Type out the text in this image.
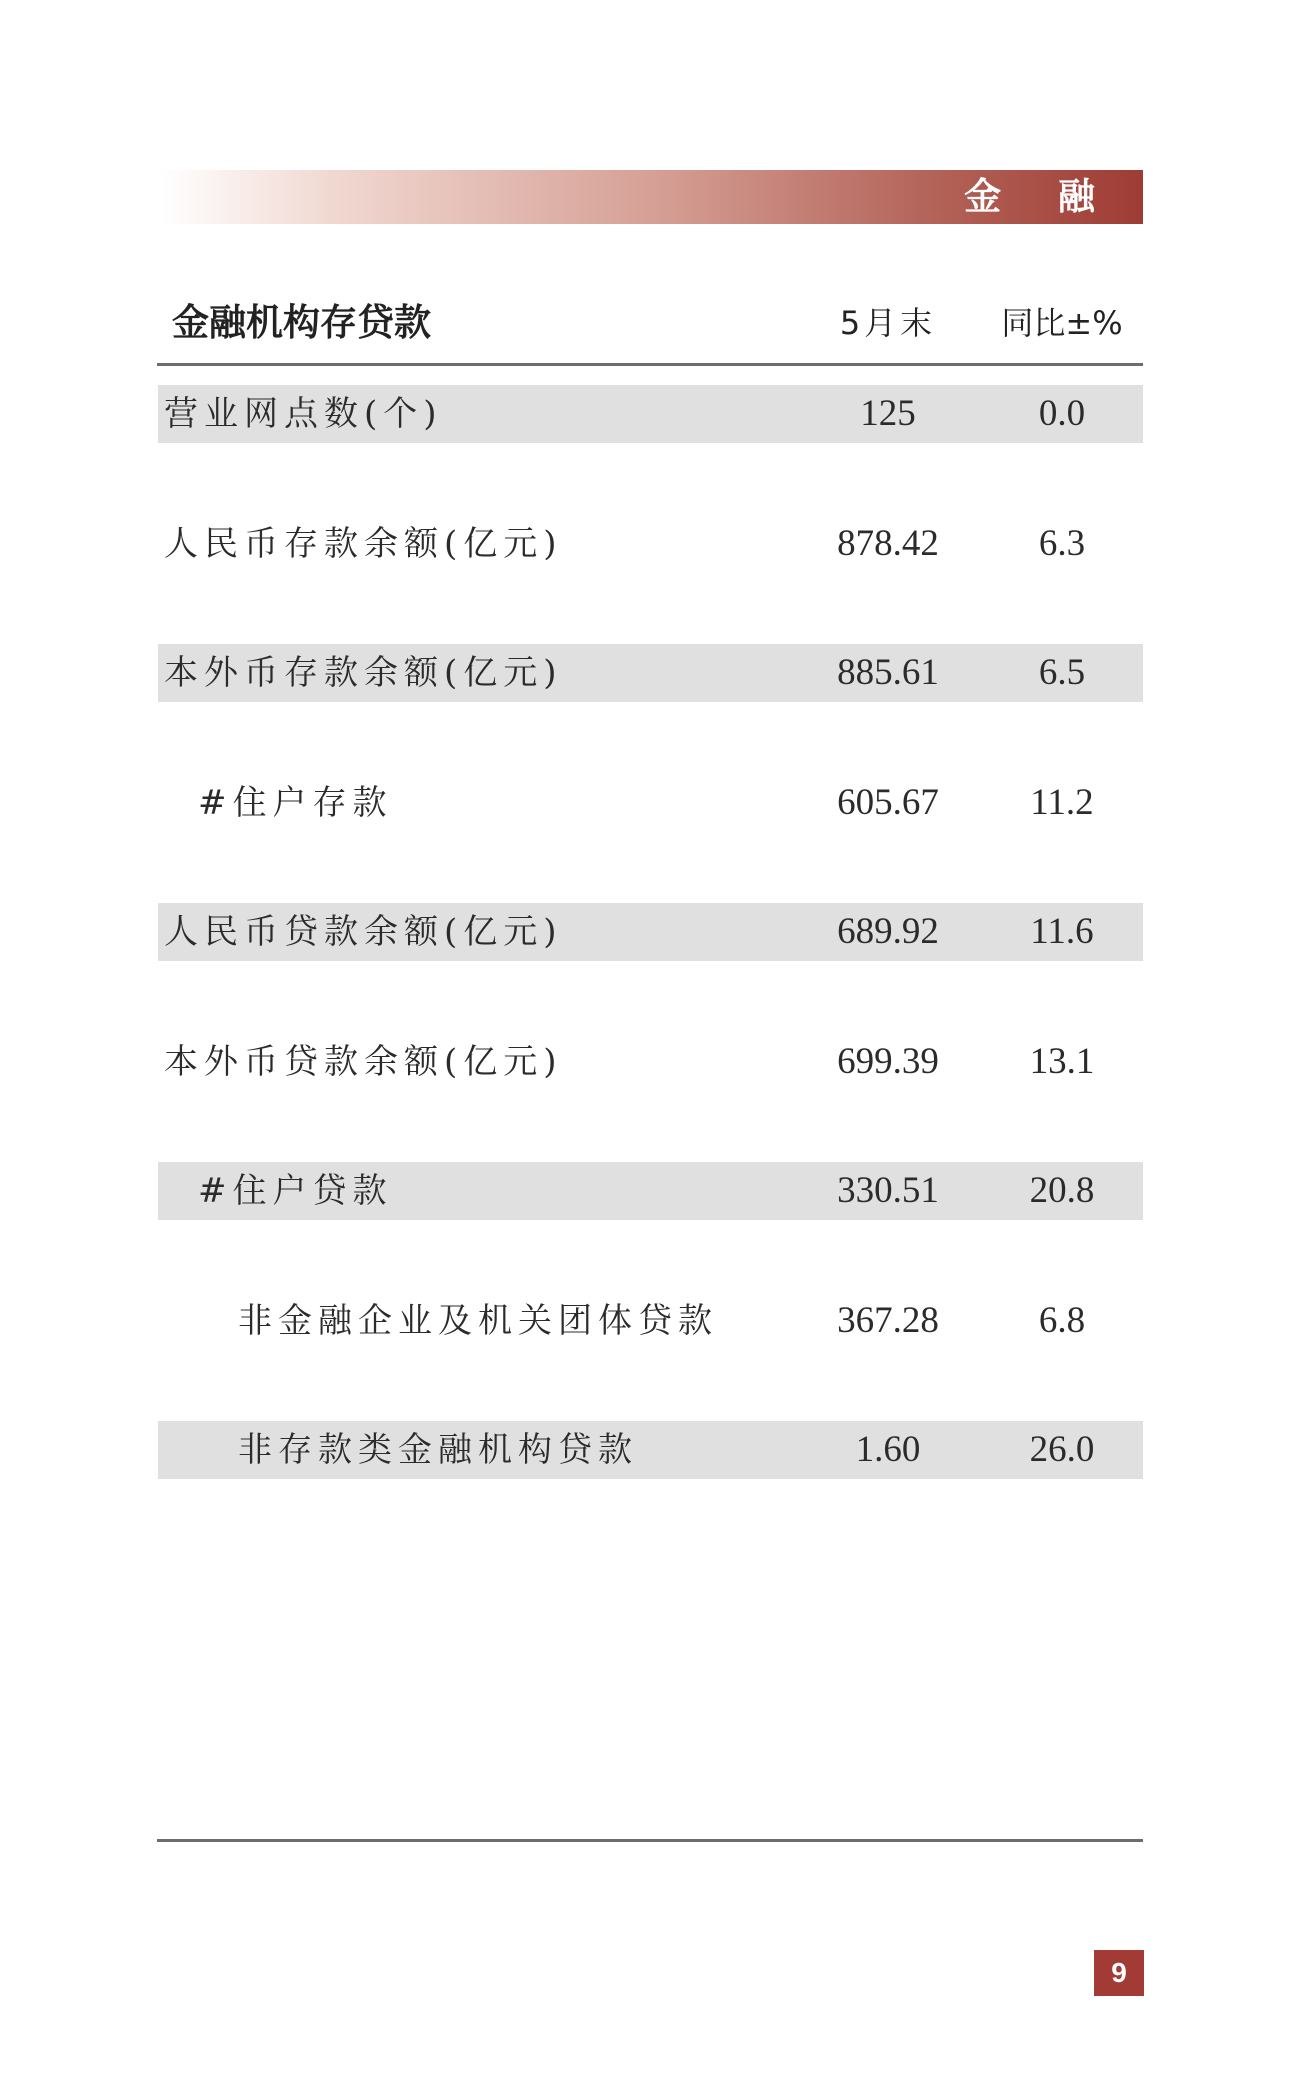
金 融
金融机构存贷款	5月末	同比±%
9
营业网点数(个)	125	0.0
人民币存款余额(亿元)	878.42	6.3
本外币存款余额(亿元)	885.61	6.5
#住户存款	605.67	11.2
人民币贷款余额(亿元)	689.92	11.6
本外币贷款余额(亿元)	699.39	13.1
#住户贷款	330.51	20.8
非金融企业及机关团体贷款	367.28	6.8
非存款类金融机构贷款	1.60	26.0
